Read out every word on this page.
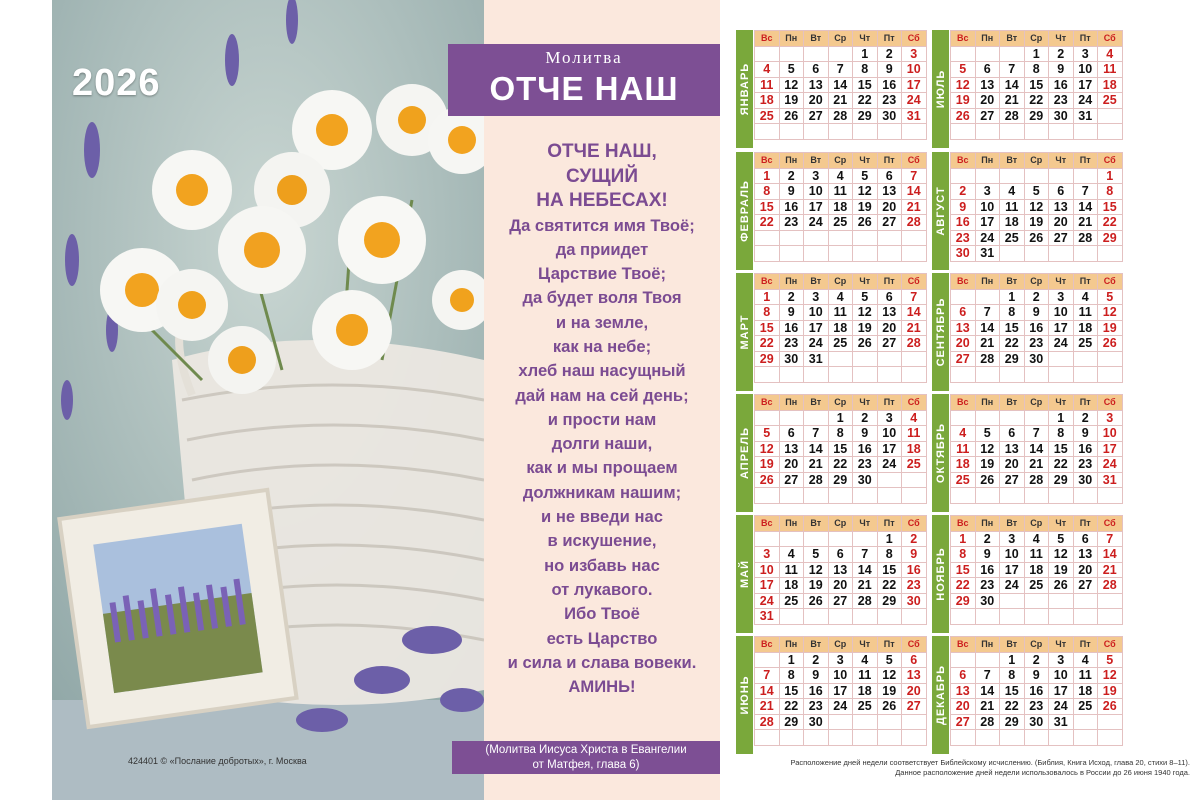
2026
424401 © «Послание добротых», г. Москва
Молитва
ОТЧЕ НАШ
ОТЧЕ НАШ,
СУЩИЙ
НА НЕБЕСАХ!
Да святится имя Твоё;
да приидет
Царствие Твоё;
да будет воля Твоя
и на земле,
как на небе;
хлеб наш насущный
дай нам на сей день;
и прости нам
долги наши,
как и мы прощаем
должникам нашим;
и не введи нас
в искушение,
но избавь нас
от лукавого.
Ибо Твоё
есть Царство
и сила и слава вовеки.
АМИНЬ!
(Молитва Иисуса Христа в Евангелии
от Матфея, глава 6)
ЯНВАРЬ
Вс	Пн	Вт	Ср	Чт	Пт	Сб
				1	2	3
4	5	6	7	8	9	10
11	12	13	14	15	16	17
18	19	20	21	22	23	24
25	26	27	28	29	30	31

ФЕВРАЛЬ
Вс	Пн	Вт	Ср	Чт	Пт	Сб
1	2	3	4	5	6	7
8	9	10	11	12	13	14
15	16	17	18	19	20	21
22	23	24	25	26	27	28

МАРТ
Вс	Пн	Вт	Ср	Чт	Пт	Сб
1	2	3	4	5	6	7
8	9	10	11	12	13	14
15	16	17	18	19	20	21
22	23	24	25	26	27	28
29	30	31				

АПРЕЛЬ
Вс	Пн	Вт	Ср	Чт	Пт	Сб
			1	2	3	4
5	6	7	8	9	10	11
12	13	14	15	16	17	18
19	20	21	22	23	24	25
26	27	28	29	30		

МАЙ
Вс	Пн	Вт	Ср	Чт	Пт	Сб
					1	2
3	4	5	6	7	8	9
10	11	12	13	14	15	16
17	18	19	20	21	22	23
24	25	26	27	28	29	30
31						
ИЮНЬ
Вс	Пн	Вт	Ср	Чт	Пт	Сб
	1	2	3	4	5	6
7	8	9	10	11	12	13
14	15	16	17	18	19	20
21	22	23	24	25	26	27
28	29	30				

ИЮЛЬ
Вс	Пн	Вт	Ср	Чт	Пт	Сб
			1	2	3	4
5	6	7	8	9	10	11
12	13	14	15	16	17	18
19	20	21	22	23	24	25
26	27	28	29	30	31	

АВГУСТ
Вс	Пн	Вт	Ср	Чт	Пт	Сб
						1
2	3	4	5	6	7	8
9	10	11	12	13	14	15
16	17	18	19	20	21	22
23	24	25	26	27	28	29
30	31					
СЕНТЯБРЬ
Вс	Пн	Вт	Ср	Чт	Пт	Сб
		1	2	3	4	5
6	7	8	9	10	11	12
13	14	15	16	17	18	19
20	21	22	23	24	25	26
27	28	29	30			

ОКТЯБРЬ
Вс	Пн	Вт	Ср	Чт	Пт	Сб
				1	2	3
4	5	6	7	8	9	10
11	12	13	14	15	16	17
18	19	20	21	22	23	24
25	26	27	28	29	30	31

НОЯБРЬ
Вс	Пн	Вт	Ср	Чт	Пт	Сб
1	2	3	4	5	6	7
8	9	10	11	12	13	14
15	16	17	18	19	20	21
22	23	24	25	26	27	28
29	30					

ДЕКАБРЬ
Вс	Пн	Вт	Ср	Чт	Пт	Сб
		1	2	3	4	5
6	7	8	9	10	11	12
13	14	15	16	17	18	19
20	21	22	23	24	25	26
27	28	29	30	31		

Расположение дней недели соответствует Библейскому исчислению. (Библия, Книга Исход, глава 20, стихи 8–11).
Данное расположение дней недели использовалось в России до 26 июня 1940 года.
